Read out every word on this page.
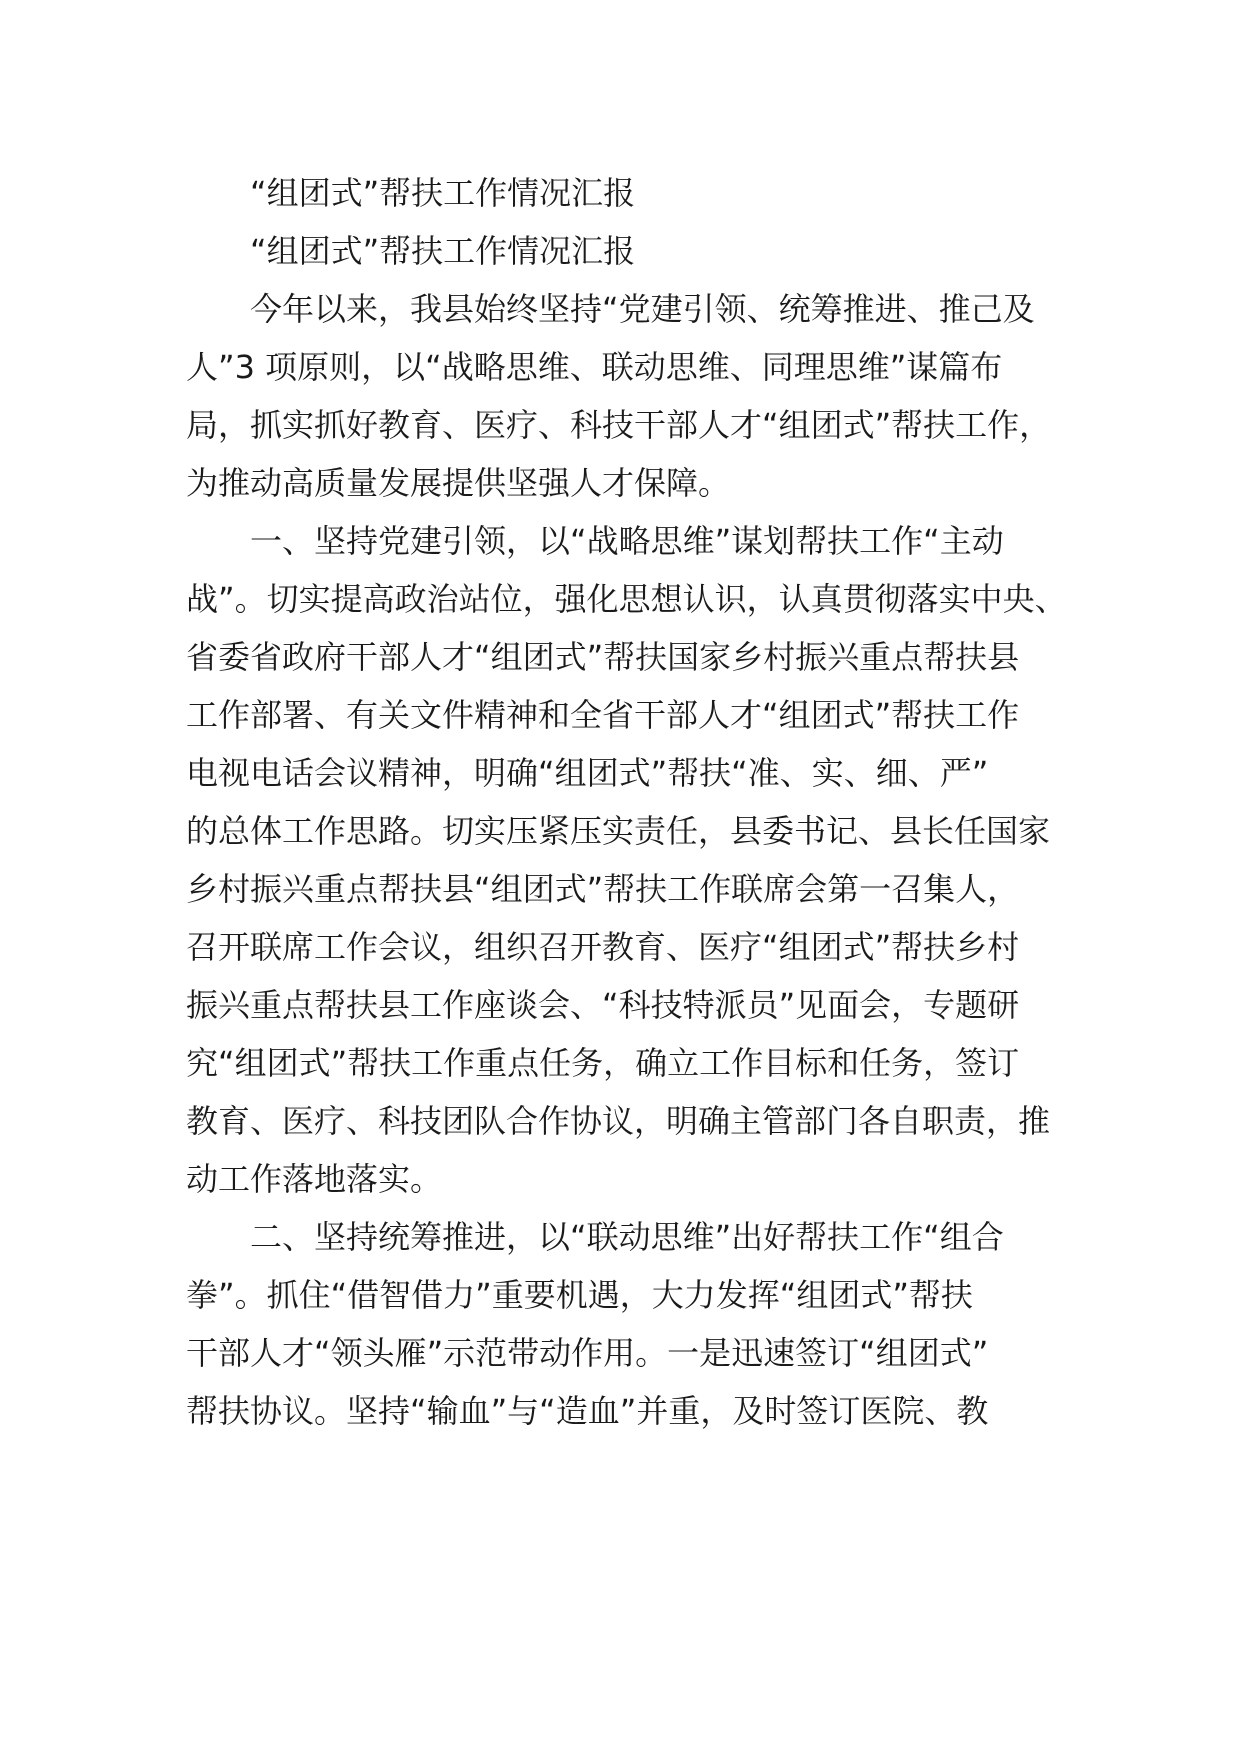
“组团式”帮扶工作情况汇报
“组团式”帮扶工作情况汇报
今年以来，我县始终坚持“党建引领、统筹推进、推己及
人”3 项原则，以“战略思维、联动思维、同理思维”谋篇布
局，抓实抓好教育、医疗、科技干部人才“组团式”帮扶工作，
为推动高质量发展提供坚强人才保障。
一、坚持党建引领，以“战略思维”谋划帮扶工作“主动
战”。切实提高政治站位，强化思想认识，认真贯彻落实中央、
省委省政府干部人才“组团式”帮扶国家乡村振兴重点帮扶县
工作部署、有关文件精神和全省干部人才“组团式”帮扶工作
电视电话会议精神，明确“组团式”帮扶“准、实、细、严”
的总体工作思路。切实压紧压实责任，县委书记、县长任国家
乡村振兴重点帮扶县“组团式”帮扶工作联席会第一召集人，
召开联席工作会议，组织召开教育、医疗“组团式”帮扶乡村
振兴重点帮扶县工作座谈会、“科技特派员”见面会，专题研
究“组团式”帮扶工作重点任务，确立工作目标和任务，签订
教育、医疗、科技团队合作协议，明确主管部门各自职责，推
动工作落地落实。
二、坚持统筹推进，以“联动思维”出好帮扶工作“组合
拳”。抓住“借智借力”重要机遇，大力发挥“组团式”帮扶
干部人才“领头雁”示范带动作用。一是迅速签订“组团式”
帮扶协议。坚持“输血”与“造血”并重，及时签订医院、教
